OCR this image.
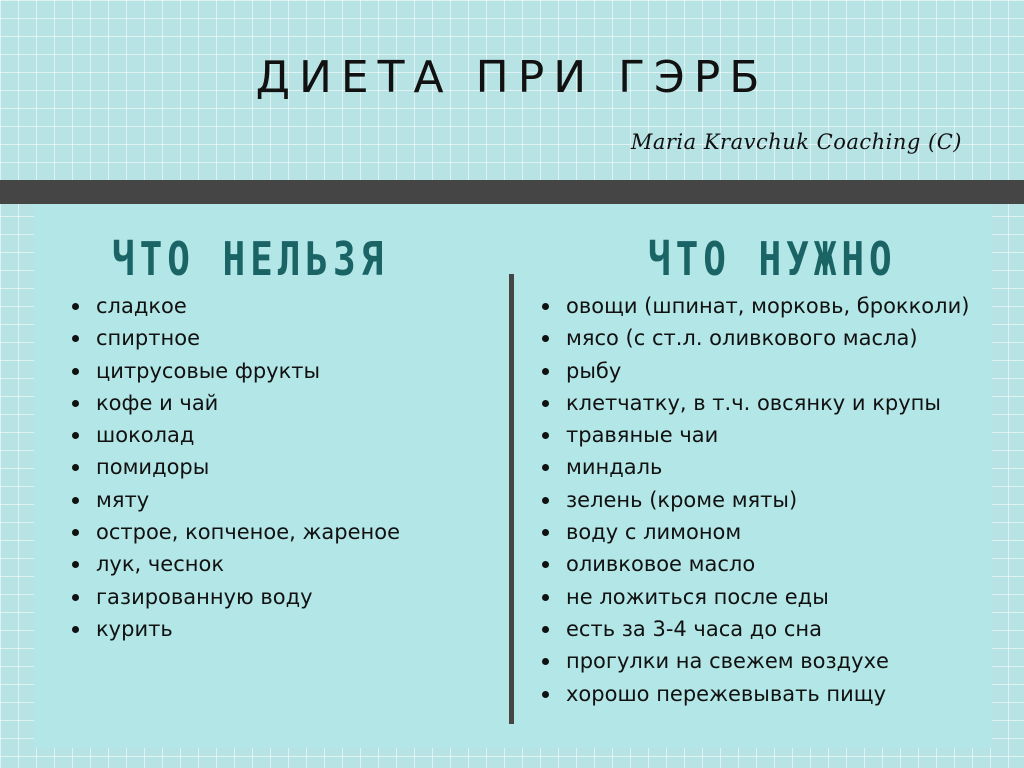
ДИЕТА ПРИ ГЭРБ
Maria Kravchuk Coaching (C)
ЧТО НЕЛЬЗЯ	ЧТО НУЖНО
сладкое
спиртное
цитрусовые фрукты
кофе и чай
шоколад
помидоры
мяту
острое, копченое, жареное
лук, чеснок
газированную воду
курить
овощи (шпинат, морковь, брокколи)
мясо (с ст.л. оливкового масла)
рыбу
клетчатку, в т.ч. овсянку и крупы
травяные чаи
миндаль
зелень (кроме мяты)
воду с лимоном
оливковое масло
не ложиться после еды
есть за 3-4 часа до сна
прогулки на свежем воздухе
хорошо пережевывать пищу
